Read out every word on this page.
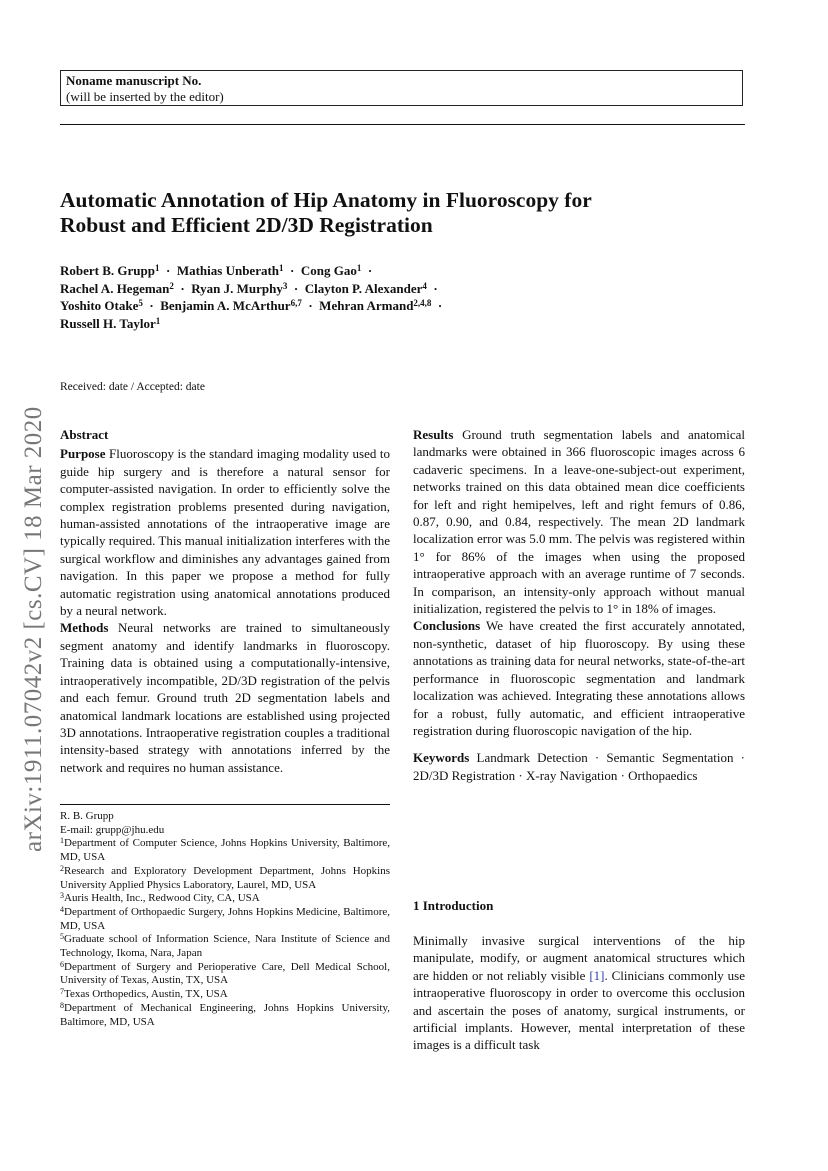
Noname manuscript No.
(will be inserted by the editor)
Automatic Annotation of Hip Anatomy in Fluoroscopy for
Robust and Efficient 2D/3D Registration
Robert B. Grupp$^1$ · Mathias Unberath$^1$ · Cong Gao$^1$ ·
Rachel A. Hegeman$^2$ · Ryan J. Murphy$^3$ · Clayton P. Alexander$^4$ ·
Yoshito Otake$^5$ · Benjamin A. McArthur$^{6,7}$ · Mehran Armand$^{2,4,8}$ ·
Russell H. Taylor$^1$
Received: date / Accepted: date
arXiv:1911.07042v2 [cs.CV] 18 Mar 2020 Abstract

Purpose Fluoroscopy is the standard imaging modality used to guide hip surgery and is therefore a natural sensor for computer-assisted navigation. In order to efficiently solve the complex registration problems presented during navigation, human-assisted annotations of the intraoperative image are typically required. This manual initialization interferes with the surgical workflow and diminishes any advantages gained from navigation. In this paper we propose a method for fully automatic registration using anatomical annotations produced by a neural network.

Methods Neural networks are trained to simultaneously segment anatomy and identify landmarks in fluoroscopy. Training data is obtained using a computationally-intensive, intraoperatively incompatible, 2D/3D registration of the pelvis and each femur. Ground truth 2D segmentation labels and anatomical landmark locations are established using projected 3D annotations. Intraoperative registration couples a traditional intensity-based strategy with annotations inferred by the network and requires no human assistance.

R. B. Grupp

E-mail: grupp@jhu.edu

$^1$Department of Computer Science, Johns Hopkins University, Baltimore, MD, USA

$^2$Research and Exploratory Development Department, Johns Hopkins University Applied Physics Laboratory, Laurel, MD, USA

$^3$Auris Health, Inc., Redwood City, CA, USA

$^4$Department of Orthopaedic Surgery, Johns Hopkins Medicine, Baltimore, MD, USA

$^5$Graduate school of Information Science, Nara Institute of Science and Technology, Ikoma, Nara, Japan

$^6$Department of Surgery and Perioperative Care, Dell Medical School, University of Texas, Austin, TX, USA

$^7$Texas Orthopedics, Austin, TX, USA

$^8$Department of Mechanical Engineering, Johns Hopkins University, Baltimore, MD, USA

Results Ground truth segmentation labels and anatomical landmarks were obtained in 366 fluoroscopic images across 6 cadaveric specimens. In a leave-one-subject-out experiment, networks trained on this data obtained mean dice coefficients for left and right hemipelves, left and right femurs of 0.86, 0.87, 0.90, and 0.84, respectively. The mean 2D landmark localization error was 5.0 mm. The pelvis was registered within 1° for 86% of the images when using the proposed intraoperative approach with an average runtime of 7 seconds. In comparison, an intensity-only approach without manual initialization, registered the pelvis to 1° in 18% of images.

Conclusions We have created the first accurately annotated, non-synthetic, dataset of hip fluoroscopy. By using these annotations as training data for neural networks, state-of-the-art performance in fluoroscopic segmentation and landmark localization was achieved. Integrating these annotations allows for a robust, fully automatic, and efficient intraoperative registration during fluoroscopic navigation of the hip.

Keywords Landmark Detection · Semantic Segmentation · 2D/3D Registration · X-ray Navigation · Orthopaedics

1 Introduction

Minimally invasive surgical interventions of the hip manipulate, modify, or augment anatomical structures which are hidden or not reliably visible [1]. Clinicians commonly use intraoperative fluoroscopy in order to overcome this occlusion and ascertain the poses of anatomy, surgical instruments, or artificial implants. However, mental interpretation of these images is a difficult task
